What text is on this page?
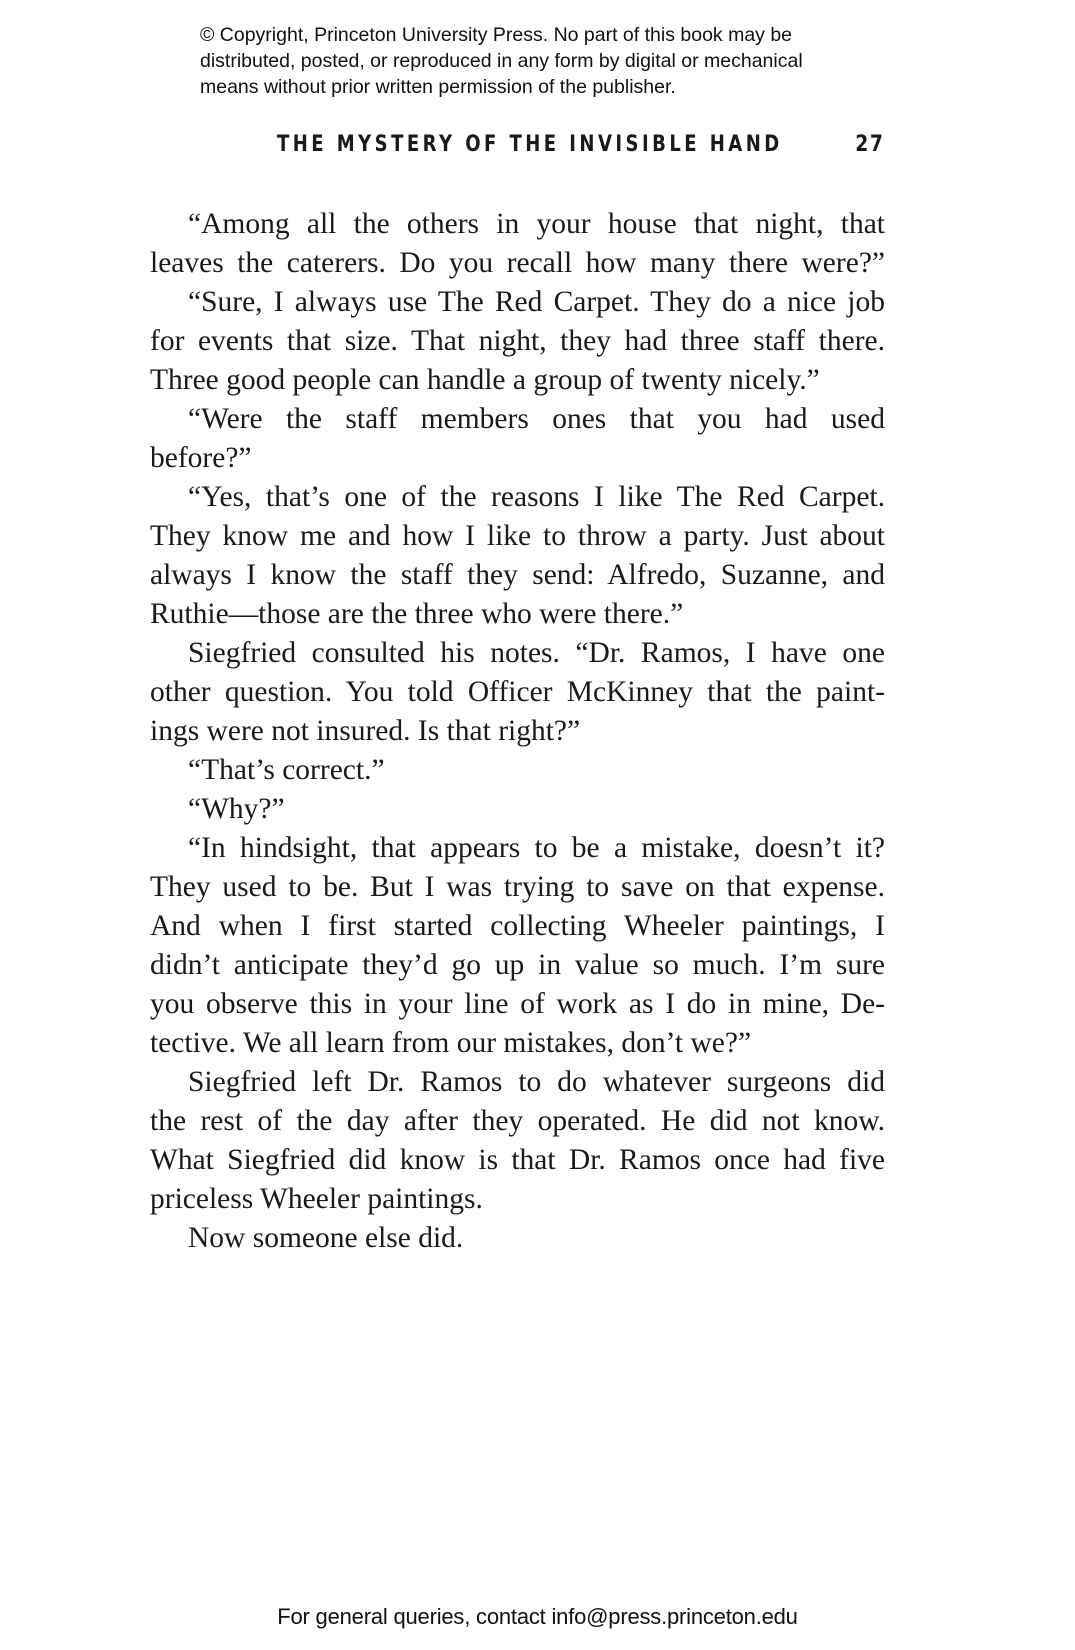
© Copyright, Princeton University Press. No part of this book may be
distributed, posted, or reproduced in any form by digital or mechanical
means without prior written permission of the publisher.
THE MYSTERY OF THE INVISIBLE HAND	27
“Among all the others in your house that night, that
leaves the caterers. Do you recall how many there were?”
“Sure, I always use The Red Carpet. They do a nice job
for events that size. That night, they had three staff there.
Three good people can handle a group of twenty nicely.”
“Were the staff members ones that you had used
before?”
“Yes, that’s one of the reasons I like The Red Carpet.
They know me and how I like to throw a party. Just about
always I know the staff they send: Alfredo, Suzanne, and
Ruthie—those are the three who were there.”
Siegfried consulted his notes. “Dr. Ramos, I have one
other question. You told Officer McKinney that the paint-
ings were not insured. Is that right?”
“That’s correct.”
“Why?”
“In hindsight, that appears to be a mistake, doesn’t it?
They used to be. But I was trying to save on that expense.
And when I first started collecting Wheeler paintings, I
didn’t anticipate they’d go up in value so much. I’m sure
you observe this in your line of work as I do in mine, De-
tective. We all learn from our mistakes, don’t we?”
Siegfried left Dr. Ramos to do whatever surgeons did
the rest of the day after they operated. He did not know.
What Siegfried did know is that Dr. Ramos once had five
priceless Wheeler paintings.
Now someone else did.
For general queries, contact info@press.princeton.edu
